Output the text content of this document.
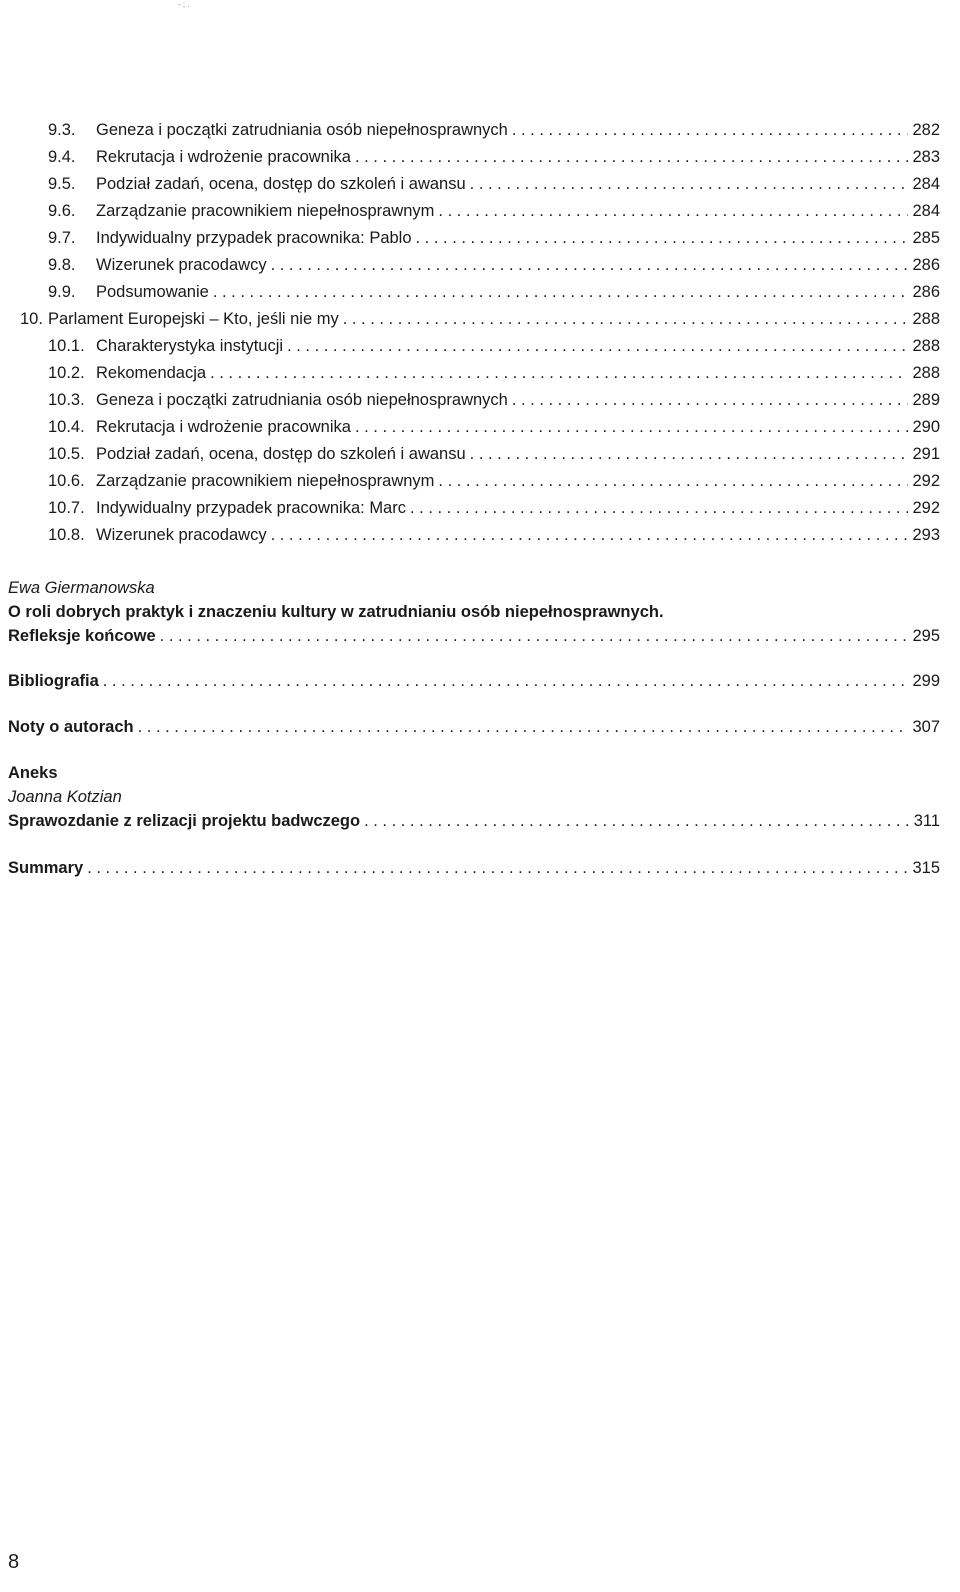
- ; .
9.3.	Geneza i początki zatrudniania osób niepełnosprawnych . . .	282
9.4.	Rekrutacja i wdrożenie pracownika . . .	283
9.5.	Podział zadań, ocena, dostęp do szkoleń i awansu . . .	284
9.6.	Zarządzanie pracownikiem niepełnosprawnym . . .	284
9.7.	Indywidualny przypadek pracownika: Pablo . . .	285
9.8.	Wizerunek pracodawcy . . .	286
9.9.	Podsumowanie . . .	286
10. Parlament Europejski – Kto, jeśli nie my . . .	288
10.1. Charakterystyka instytucji . . .	288
10.2. Rekomendacja . . .	288
10.3. Geneza i początki zatrudniania osób niepełnosprawnych . . .	289
10.4. Rekrutacja i wdrożenie pracownika . . .	290
10.5. Podział zadań, ocena, dostęp do szkoleń i awansu . . .	291
10.6. Zarządzanie pracownikiem niepełnosprawnym . . .	292
10.7. Indywidualny przypadek pracownika: Marc . . .	292
10.8. Wizerunek pracodawcy . . .	293
Ewa Giermanowska
O roli dobrych praktyk i znaczeniu kultury w zatrudnianiu osób niepełnosprawnych.
Refleksje końcowe . . .	295
Bibliografia . . .	299
Noty o autorach . . .	307
Aneks
Joanna Kotzian
Sprawozdanie z relizacji projektu badwczego . . .	311
Summary . . .	315
8
